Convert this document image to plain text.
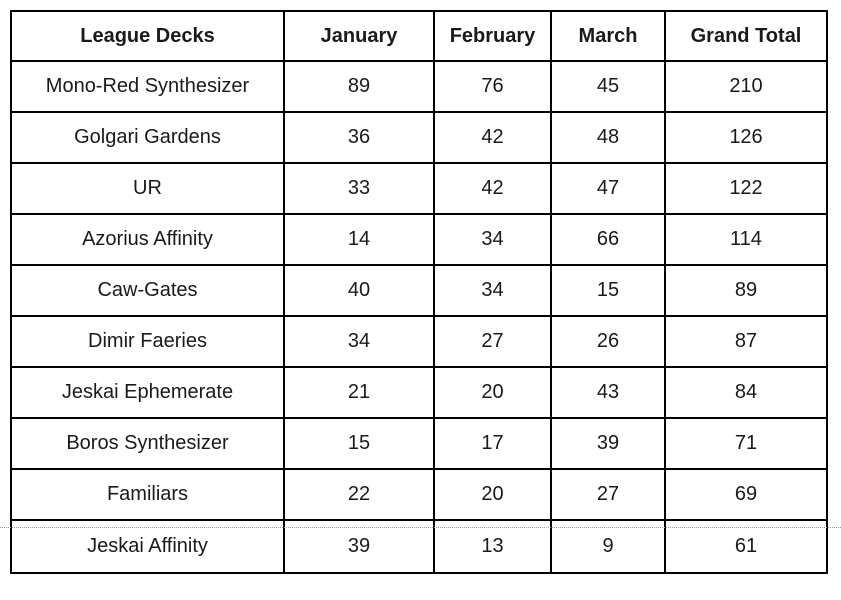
League Decks	January	February	March	Grand Total
Mono-Red Synthesizer	89	76	45	210
Golgari Gardens	36	42	48	126
UR	33	42	47	122
Azorius Affinity	14	34	66	114
Caw-Gates	40	34	15	89
Dimir Faeries	34	27	26	87
Jeskai Ephemerate	21	20	43	84
Boros Synthesizer	15	17	39	71
Familiars	22	20	27	69
Jeskai Affinity	39	13	9	61
